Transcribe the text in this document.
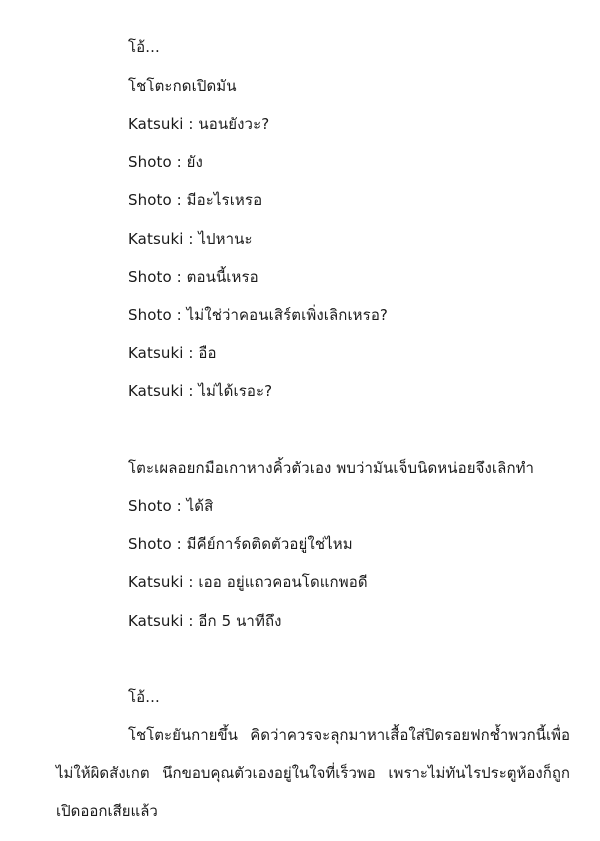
โอ้...
โชโตะกดเปิดมัน
Katsuki : นอนยังวะ?
Shoto : ยัง
Shoto : มีอะไรเหรอ
Katsuki : ไปหานะ
Shoto : ตอนนี้เหรอ
Shoto : ไม่ใช่ว่าคอนเสิร์ตเพิ่งเลิกเหรอ?
Katsuki : อือ
Katsuki : ไม่ได้เรอะ?
โตะเผลอยกมือเกาหางคิ้วตัวเอง พบว่ามันเจ็บนิดหน่อยจึงเลิกทำ
Shoto : ได้สิ
Shoto : มีคีย์การ์ดติดตัวอยู่ใช่ไหม
Katsuki : เออ อยู่แถวคอนโดแกพอดี
Katsuki : อีก 5 นาทีถึง
โอ้...
โชโตะยันกายขึ้น คิดว่าควรจะลุกมาหาเสื้อใส่ปิดรอยฟกช้ำพวกนี้เพื่อไม่ให้ผิดสังเกต นึกขอบคุณตัวเองอยู่ในใจที่เร็วพอ เพราะไม่ทันไรประตูห้องก็ถูกเปิดออกเสียแล้ว
